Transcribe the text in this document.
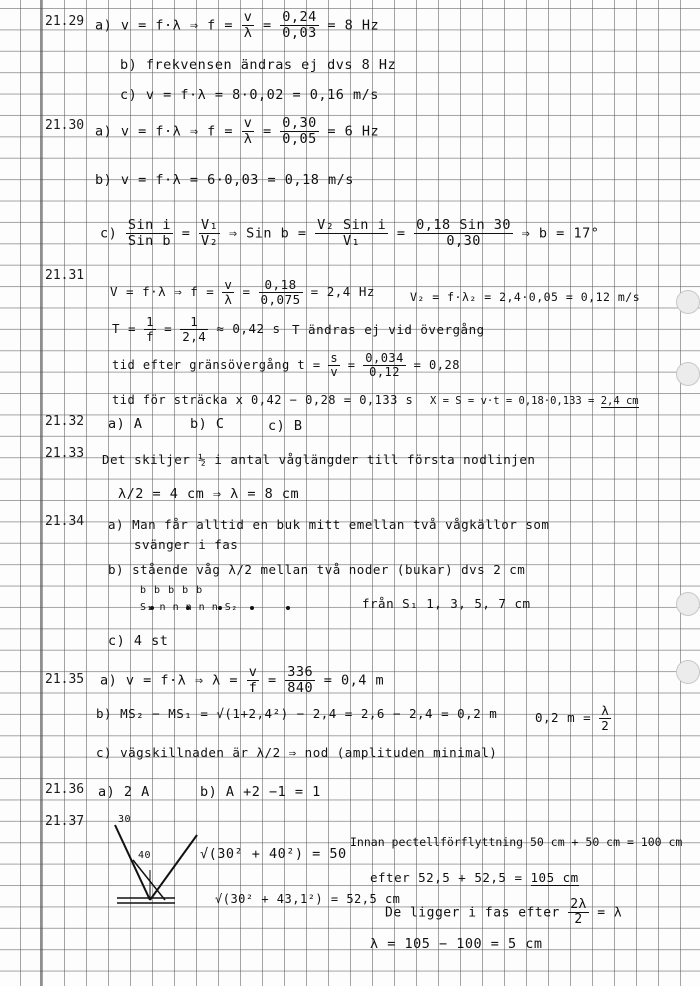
21.29 a) v = f·λ ⇒ $f = \frac{v}{\lambda} = \frac{0,24}{0,03} = 8$ Hz
b) frekvensen ändras ej dvs 8 Hz
c) v = f·λ = 8·0,02 = 0,16 m/s
21.30 a) v = f·λ ⇒ $f = \frac{v}{\lambda} = \frac{0,30}{0,05} = 6$ Hz
b) v = f·λ = 6·0,03 = 0,18 m/s
$c) \frac{\text{Sin i}}{\text{Sin b}} = \frac{\text{V₁}}{\text{V₂}}$ ⇒ Sin $b = \frac{\text{V₂ Sin i}}{\text{V₁}} = \frac{\text{0,18 Sin 30}}{0,30}$ ⇒ b = 17°
21.31
V = f·λ ⇒ $f = \frac{v}{\lambda} = \frac{0,18}{0,075} = 2,4$ Hz	V₂ = f·λ₂ = 2,4·0,05 = 0,12 m/s
$T = \frac{1}{f} = \frac{1}{2,4} \approx 0,42$ s T ändras ej vid övergång
tid efter gränsövergång $t = \frac{s}{v} = \frac{0,034}{0,12} = 0,28$
tid för sträcka x 0,42 − 0,28 = 0,133 s X = S = v·t = 0,18·0,133 = 2,4 cm
21.32 a) A	b) C	c) B
21.33 Det skiljer ½ i antal våglängder till första nodlinjen
λ/2 = 4 cm ⇒ λ = 8 cm
21.34 a) Man får alltid en buk mitt emellan två vågkällor som
svänger i fas
b) stående våg λ/2 mellan två noder (bukar) dvs 2 cm
b b b b b
S₁ n n n n n S₂	från S₁ 1, 3, 5, 7 cm
c) 4 st
21.35 a) v = f·λ ⇒ $\lambda = \frac{v}{f} = \frac{336}{840} = 0,4$ m
b) MS₂ − MS₁ = √(1+2,4²) − 2,4 = 2,6 − 2,4 = 0,2 m	0,2 $m = \frac{\lambda}{2}$
c) vägskillnaden är λ/2 ⇒ nod (amplituden minimal)
21.36 a) 2 A	b) A +2 −1 = 1
21.37	30
40	√(30² + 40²) = 50
√(30² + 43,1²) = 52,5 cm
Innan pectellförflyttning 50 cm + 50 cm = 100 cm
efter 52,5 + 52,5 = 105 cm
De ligger i fas efter $\frac{2\lambda}{2} = \lambda$
λ = 105 − 100 = 5 cm
